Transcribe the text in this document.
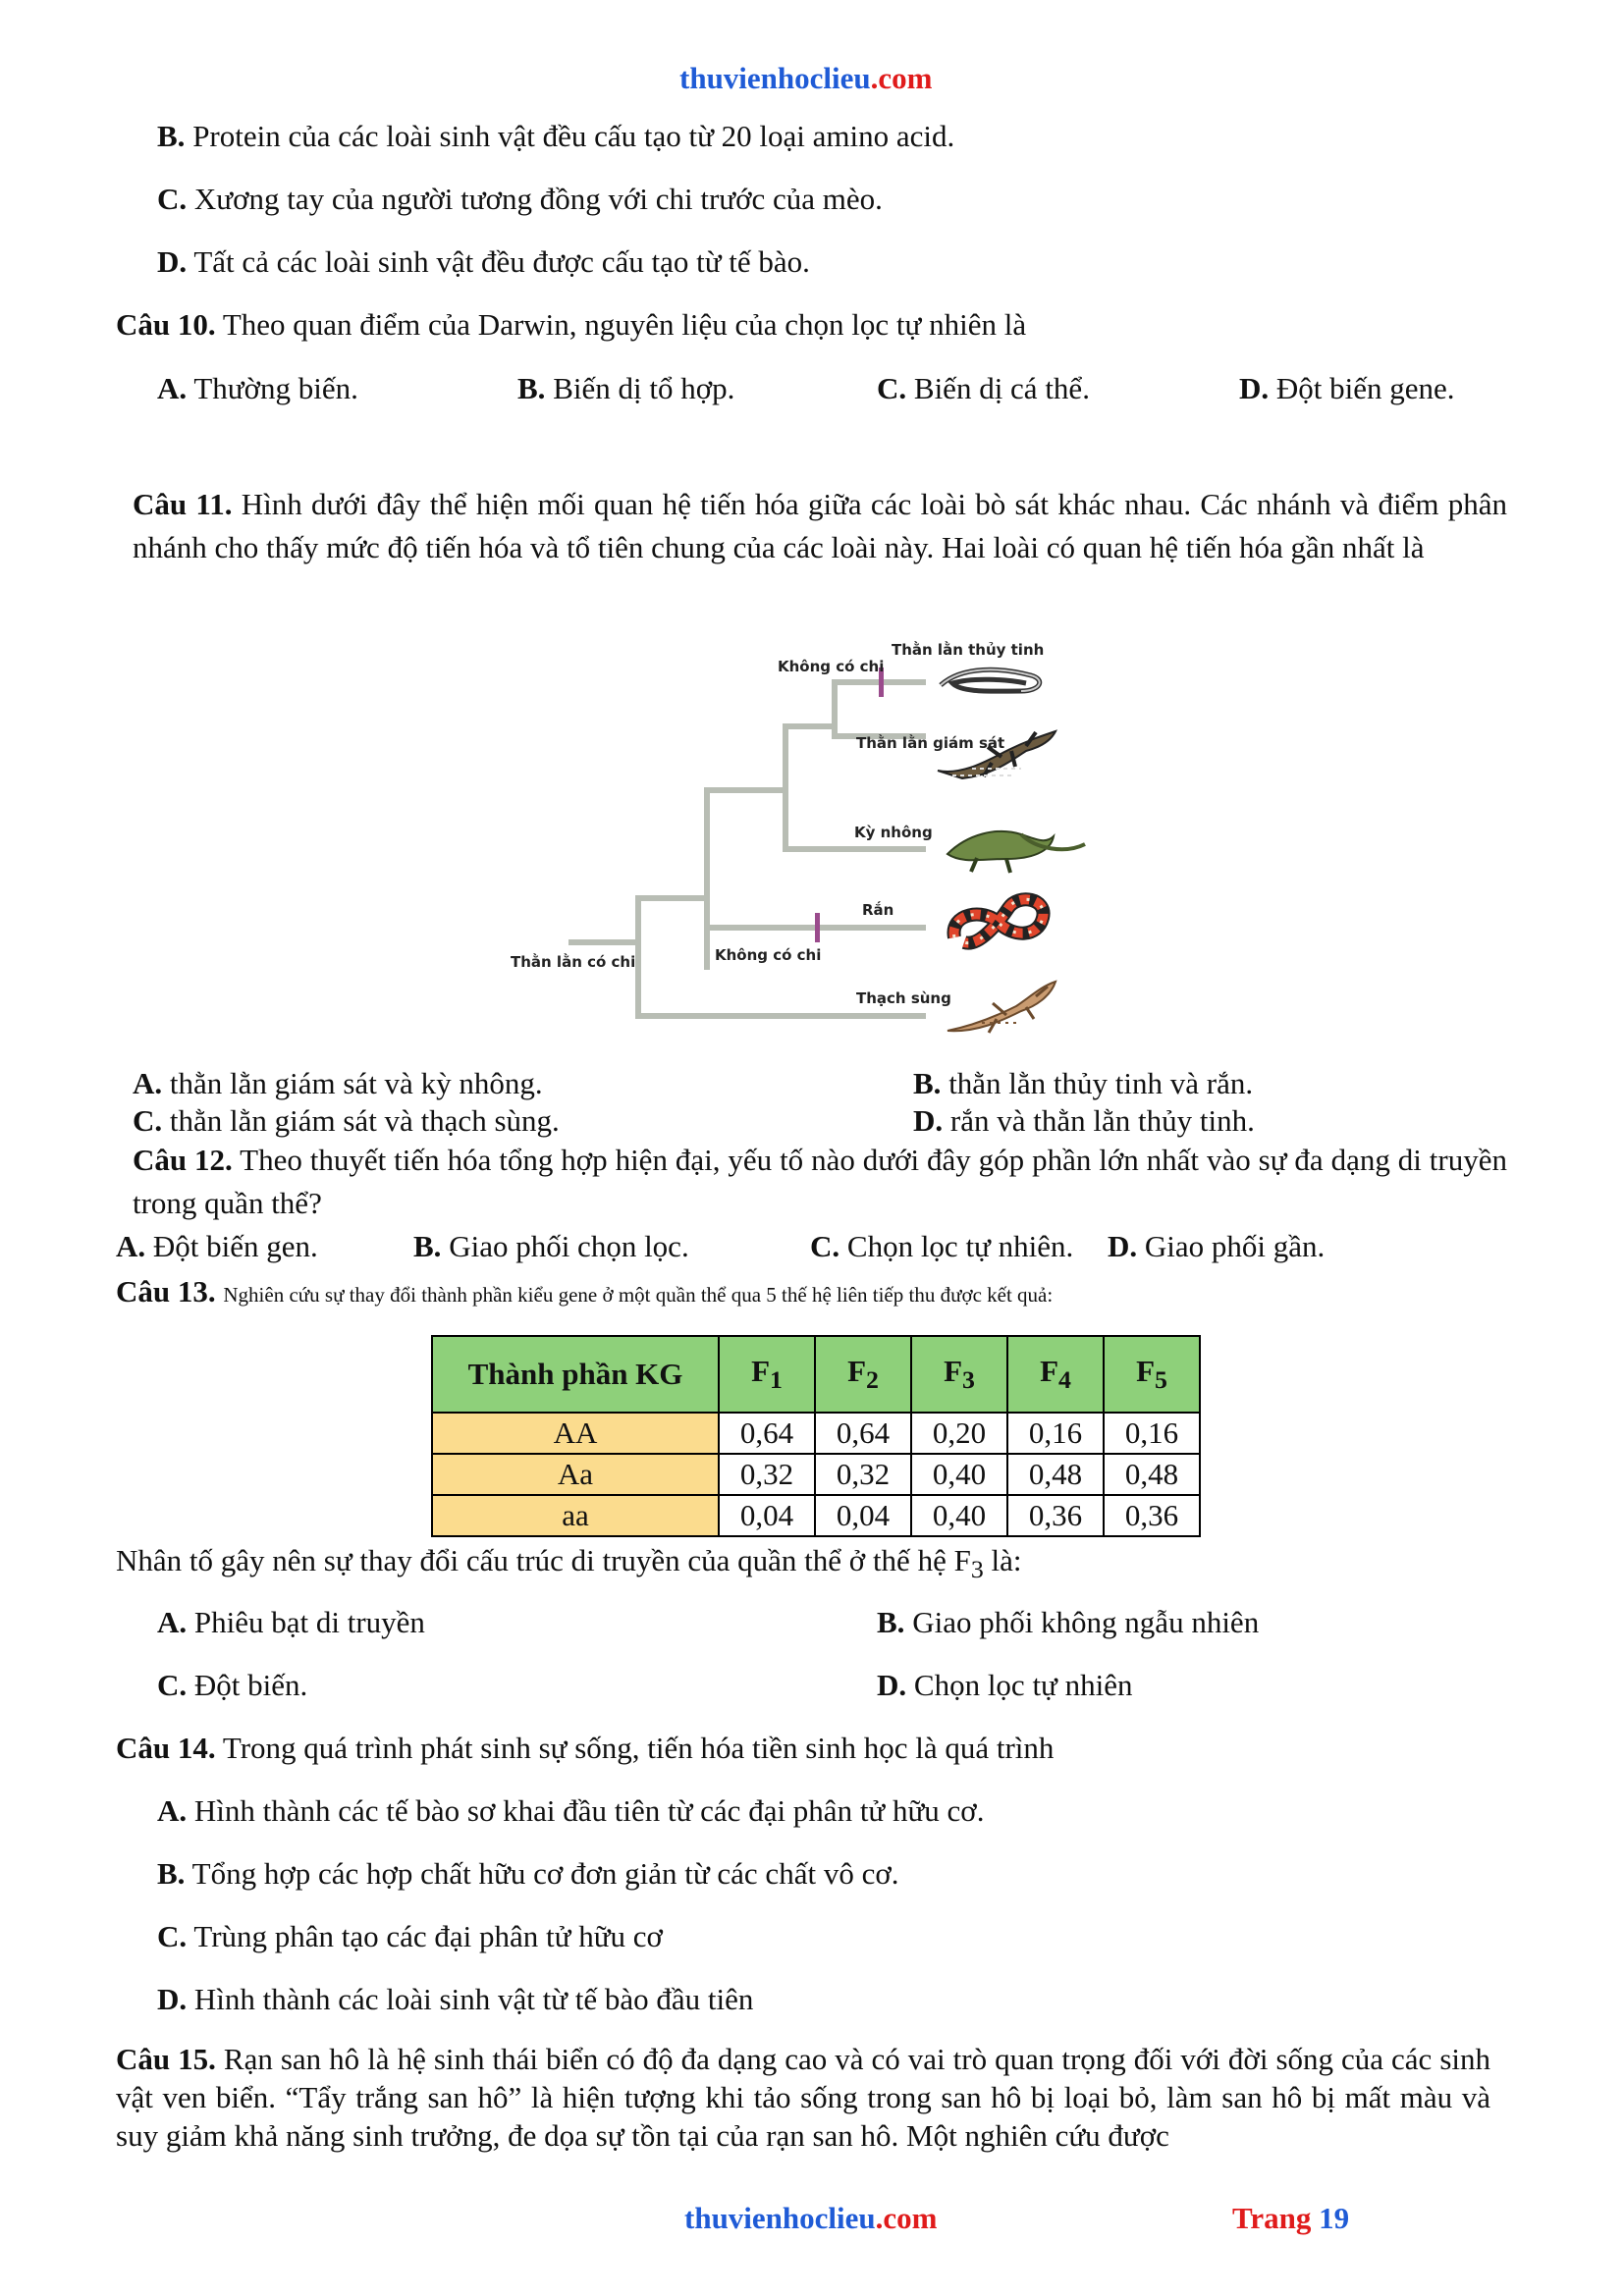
thuvienhoclieu.com
B. Protein của các loài sinh vật đều cấu tạo từ 20 loại amino acid.
C. Xương tay của người tương đồng với chi trước của mèo.
D. Tất cả các loài sinh vật đều được cấu tạo từ tế bào.
Câu 10. Theo quan điểm của Darwin, nguyên liệu của chọn lọc tự nhiên là
A. Thường biến.	B. Biến dị tổ hợp.	C. Biến dị cá thể.	D. Đột biến gene.
Câu 11. Hình dưới đây thể hiện mối quan hệ tiến hóa giữa các loài bò sát khác nhau. Các nhánh và điểm phân nhánh cho thấy mức độ tiến hóa và tổ tiên chung của các loài này. Hai loài có quan hệ tiến hóa gần nhất là
Thằn lằn có chi
Không có chi
Không có chi
Thằn lằn thủy tinh
Thằn lằn giám sát
Kỳ nhông
Rắn
Thạch sùng
A. thằn lằn giám sát và kỳ nhông.	B. thằn lằn thủy tinh và rắn.
C. thằn lằn giám sát và thạch sùng.	D. rắn và thằn lằn thủy tinh.
Câu 12. Theo thuyết tiến hóa tổng hợp hiện đại, yếu tố nào dưới đây góp phần lớn nhất vào sự đa dạng di truyền trong quần thể?
A. Đột biến gen.	B. Giao phối chọn lọc.	C. Chọn lọc tự nhiên. D. Giao phối gần.
Câu 13. Nghiên cứu sự thay đổi thành phần kiểu gene ở một quần thể qua 5 thế hệ liên tiếp thu được kết quả:
Thành phần KG	$F_1$	$F_2$	$F_3$	$F_4$	$F_5$
AA	0,64	0,64	0,20	0,16	0,16
Aa	0,32	0,32	0,40	0,48	0,48
aa	0,04	0,04	0,40	0,36	0,36
Nhân tố gây nên sự thay đổi cấu trúc di truyền của quần thể ở thế hệ $F_3$ là:
A. Phiêu bạt di truyền	B. Giao phối không ngẫu nhiên
C. Đột biến.	D. Chọn lọc tự nhiên
Câu 14. Trong quá trình phát sinh sự sống, tiến hóa tiền sinh học là quá trình
A. Hình thành các tế bào sơ khai đầu tiên từ các đại phân tử hữu cơ.
B. Tổng hợp các hợp chất hữu cơ đơn giản từ các chất vô cơ.
C. Trùng phân tạo các đại phân tử hữu cơ
D. Hình thành các loài sinh vật từ tế bào đầu tiên
Câu 15. Rạn san hô là hệ sinh thái biển có độ đa dạng cao và có vai trò quan trọng đối với đời sống của các sinh vật ven biển. “Tẩy trắng san hô” là hiện tượng khi tảo sống trong san hô bị loại bỏ, làm san hô bị mất màu và suy giảm khả năng sinh trưởng, đe dọa sự tồn tại của rạn san hô. Một nghiên cứu được
thuvienhoclieu.com	Trang 19
